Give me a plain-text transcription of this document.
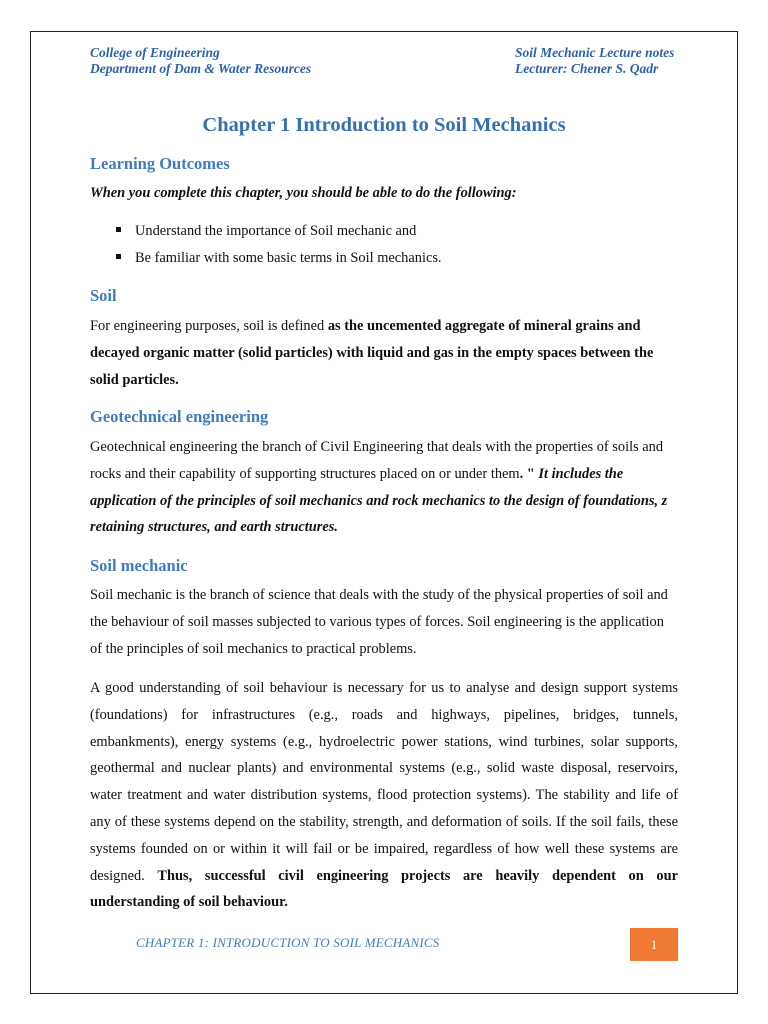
College of Engineering
Department of Dam & Water Resources
Soil Mechanic Lecture notes
Lecturer: Chener S. Qadr
Chapter 1 Introduction to Soil Mechanics
Learning Outcomes
When you complete this chapter, you should be able to do the following:
Understand the importance of Soil mechanic and
Be familiar with some basic terms in Soil mechanics.
Soil
For engineering purposes, soil is defined as the uncemented aggregate of mineral grains and decayed organic matter (solid particles) with liquid and gas in the empty spaces between the solid particles.
Geotechnical engineering
Geotechnical engineering the branch of Civil Engineering that deals with the properties of soils and rocks and their capability of supporting structures placed on or under them. " It includes the application of the principles of soil mechanics and rock mechanics to the design of foundations, z retaining structures, and earth structures.
Soil mechanic
Soil mechanic is the branch of science that deals with the study of the physical properties of soil and the behaviour of soil masses subjected to various types of forces. Soil engineering is the application of the principles of soil mechanics to practical problems.
A good understanding of soil behaviour is necessary for us to analyse and design support systems (foundations) for infrastructures (e.g., roads and highways, pipelines, bridges, tunnels, embankments), energy systems (e.g., hydroelectric power stations, wind turbines, solar supports, geothermal and nuclear plants) and environmental systems (e.g., solid waste disposal, reservoirs, water treatment and water distribution systems, flood protection systems). The stability and life of any of these systems depend on the stability, strength, and deformation of soils. If the soil fails, these systems founded on or within it will fail or be impaired, regardless of how well these systems are designed. Thus, successful civil engineering projects are heavily dependent on our understanding of soil behaviour.
CHAPTER 1: INTRODUCTION TO SOIL MECHANICS	1
